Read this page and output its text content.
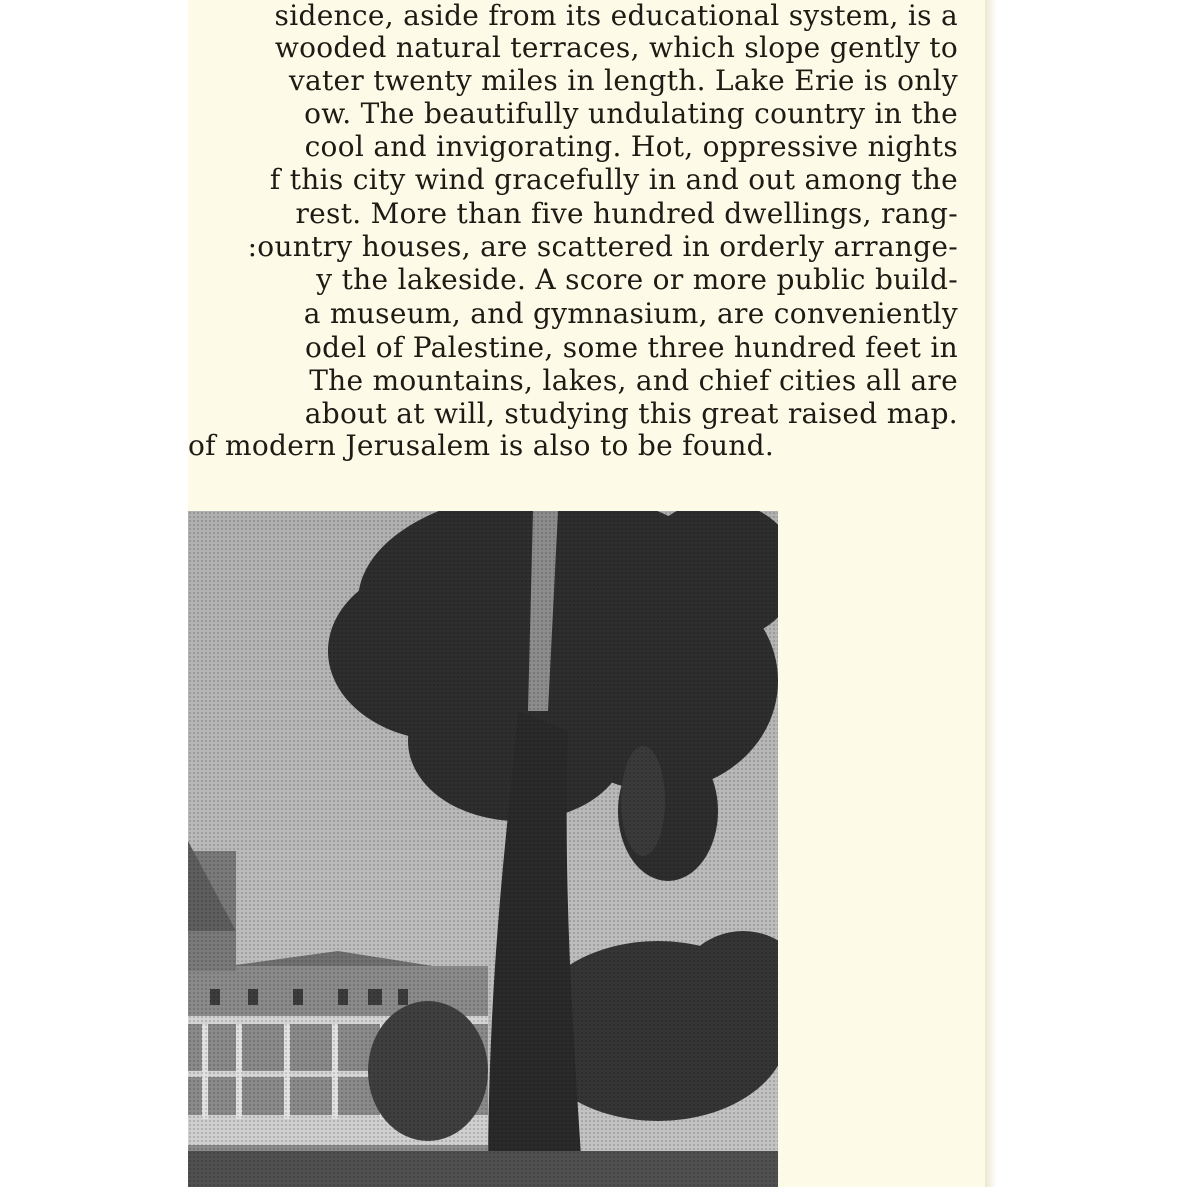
sidence, aside from its educational system, is a
wooded natural terraces, which slope gently to
vater twenty miles in length. Lake Erie is only
ow. The beautifully undulating country in the
cool and invigorating. Hot, oppressive nights
f this city wind gracefully in and out among the
rest. More than five hundred dwellings, rang-
:ountry houses, are scattered in orderly arrange-
y the lakeside. A score or more public build-
a museum, and gymnasium, are conveniently
odel of Palestine, some three hundred feet in
The mountains, lakes, and chief cities all are
about at will, studying this great raised map.
of modern Jerusalem is also to be found.
